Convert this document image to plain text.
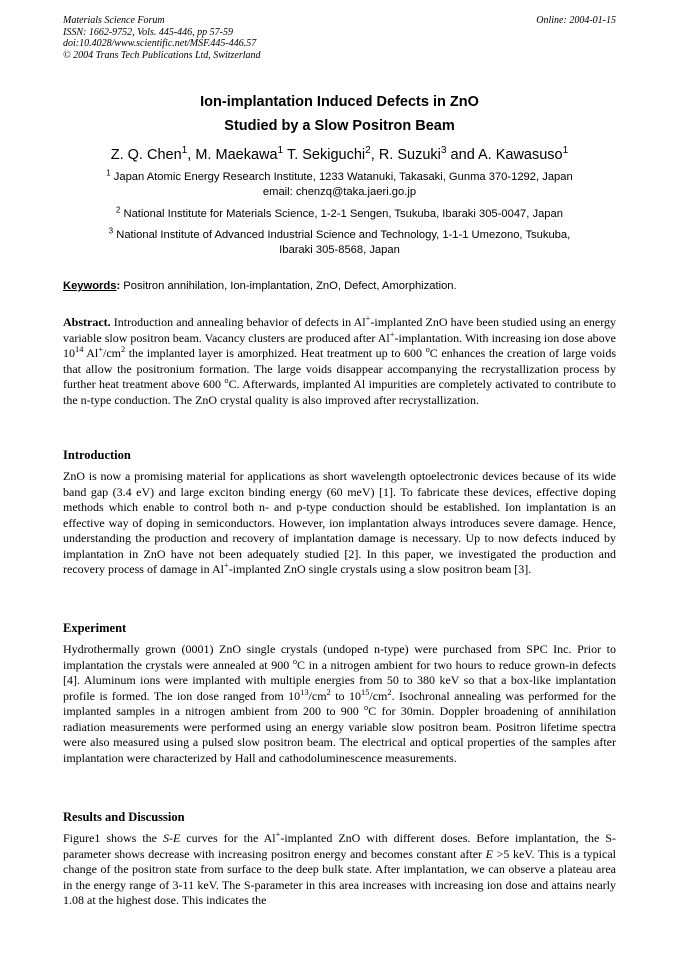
Materials Science Forum
ISSN: 1662-9752, Vols. 445-446, pp 57-59
doi:10.4028/www.scientific.net/MSF.445-446.57
© 2004 Trans Tech Publications Ltd, Switzerland
Online: 2004-01-15
Ion-implantation Induced Defects in ZnO
Studied by a Slow Positron Beam
Z. Q. Chen$^1$, M. Maekawa$^1$ T. Sekiguchi$^2$, R. Suzuki$^3$ and A. Kawasuso$^1$
$^1$ Japan Atomic Energy Research Institute, 1233 Watanuki, Takasaki, Gunma 370-1292, Japan
email: chenzq@taka.jaeri.go.jp
$^2$ National Institute for Materials Science, 1-2-1 Sengen, Tsukuba, Ibaraki 305-0047, Japan
$^3$ National Institute of Advanced Industrial Science and Technology, 1-1-1 Umezono, Tsukuba,
Ibaraki 305-8568, Japan
Keywords: Positron annihilation, Ion-implantation, ZnO, Defect, Amorphization.
Abstract. Introduction and annealing behavior of defects in Al+-implanted ZnO have been studied using an energy variable slow positron beam. Vacancy clusters are produced after Al+-implantation. With increasing ion dose above $10^{14}$ $Al^+/cm^2$ the implanted layer is amorphized. Heat treatment up to 600 $^o$C enhances the creation of large voids that allow the positronium formation. The large voids disappear accompanying the recrystallization process by further heat treatment above 600 $^o$C. Afterwards, implanted Al impurities are completely activated to contribute to the n-type conduction. The ZnO crystal quality is also improved after recrystallization.
Introduction
ZnO is now a promising material for applications as short wavelength optoelectronic devices because of its wide band gap (3.4 eV) and large exciton binding energy (60 meV) [1]. To fabricate these devices, effective doping methods which enable to control both n- and p-type conduction should be established. Ion implantation is an effective way of doping in semiconductors. However, ion implantation always introduces severe damage. Hence, understanding the production and recovery of implantation damage is necessary. Up to now defects induced by implantation in ZnO have not been adequately studied [2]. In this paper, we investigated the production and recovery process of damage in Al+-implanted ZnO single crystals using a slow positron beam [3].
Experiment
Hydrothermally grown (0001) ZnO single crystals (undoped n-type) were purchased from SPC Inc. Prior to implantation the crystals were annealed at 900 $^o$C in a nitrogen ambient for two hours to reduce grown-in defects [4]. Aluminum ions were implanted with multiple energies from 50 to 380 keV so that a box-like implantation profile is formed. The ion dose ranged from $10^{13}/cm^2$ to $10^{15}/cm^2$. Isochronal annealing was performed for the implanted samples in a nitrogen ambient from 200 to 900 $^o$C for 30min. Doppler broadening of annihilation radiation measurements were performed using an energy variable slow positron beam. Positron lifetime spectra were also measured using a pulsed slow positron beam. The electrical and optical properties of the samples after implantation were characterized by Hall and cathodoluminescence measurements.
Results and Discussion
Figure1 shows the S-E curves for the Al+-implanted ZnO with different doses. Before implantation, the S-parameter shows decrease with increasing positron energy and becomes constant after E >5 keV. This is a typical change of the positron state from surface to the deep bulk state. After implantation, we can observe a plateau area in the energy range of 3-11 keV. The S-parameter in this area increases with increasing ion dose and attains nearly 1.08 at the highest dose. This indicates the
